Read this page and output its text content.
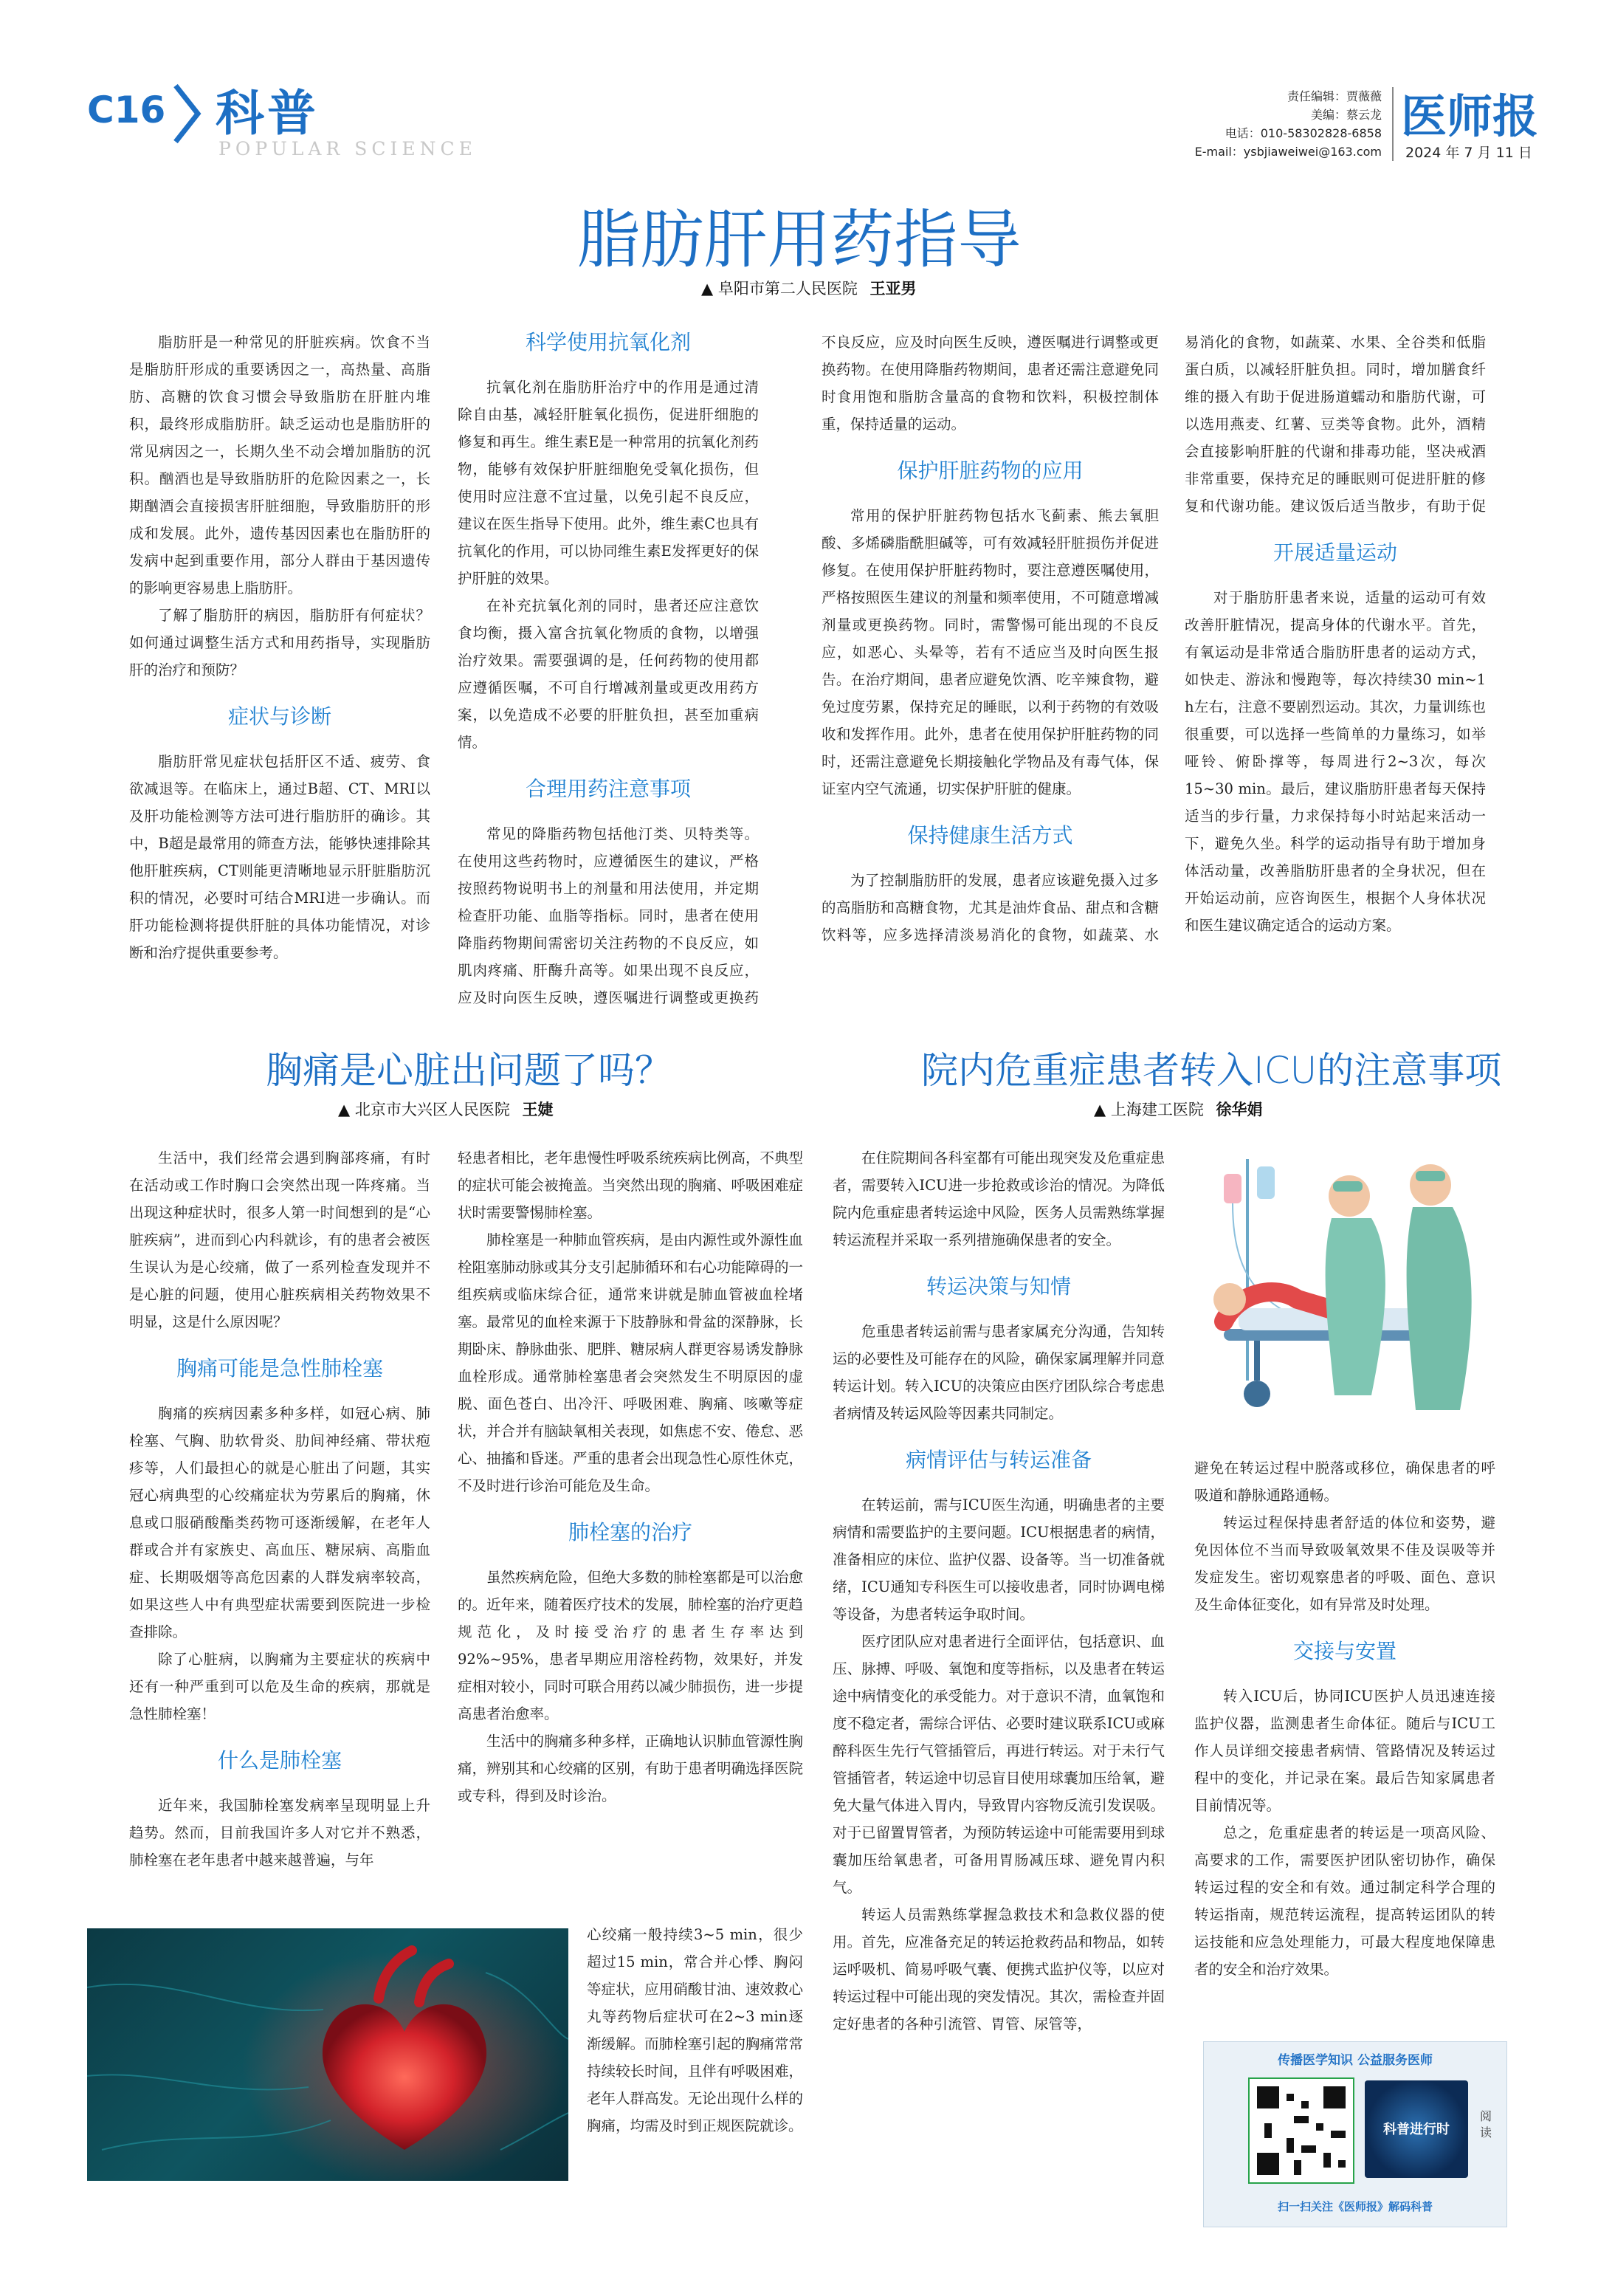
C16 科普
POPULAR SCIENCE
责任编辑：贾薇薇
美编：蔡云龙
电话：010-58302828-6858
E-mail：ysbjiaweiwei@163.com
医师报
2024 年 7 月 11 日
脂肪肝用药指导
▲ 阜阳市第二人民医院 王亚男

脂肪肝是一种常见的肝脏疾病。饮食不当是脂肪肝形成的重要诱因之一，高热量、高脂肪、高糖的饮食习惯会导致脂肪在肝脏内堆积，最终形成脂肪肝。缺乏运动也是脂肪肝的常见病因之一，长期久坐不动会增加脂肪的沉积。酗酒也是导致脂肪肝的危险因素之一，长期酗酒会直接损害肝脏细胞，导致脂肪肝的形成和发展。此外，遗传基因因素也在脂肪肝的发病中起到重要作用，部分人群由于基因遗传的影响更容易患上脂肪肝。

了解了脂肪肝的病因，脂肪肝有何症状？如何通过调整生活方式和用药指导，实现脂肪肝的治疗和预防？

症状与诊断

脂肪肝常见症状包括肝区不适、疲劳、食欲减退等。在临床上，通过B超、CT、MRI以及肝功能检测等方法可进行脂肪肝的确诊。其中，B超是最常用的筛查方法，能够快速排除其他肝脏疾病，CT则能更清晰地显示肝脏脂肪沉积的情况，必要时可结合MRI进一步确认。而肝功能检测将提供肝脏的具体功能情况，对诊断和治疗提供重要参考。

科学使用抗氧化剂

抗氧化剂在脂肪肝治疗中的作用是通过清除自由基，减轻肝脏氧化损伤，促进肝细胞的修复和再生。维生素E是一种常用的抗氧化剂药物，能够有效保护肝脏细胞免受氧化损伤，但使用时应注意不宜过量，以免引起不良反应，建议在医生指导下使用。此外，维生素C也具有抗氧化的作用，可以协同维生素E发挥更好的保护肝脏的效果。

在补充抗氧化剂的同时，患者还应注意饮食均衡，摄入富含抗氧化物质的食物，以增强治疗效果。需要强调的是，任何药物的使用都应遵循医嘱，不可自行增减剂量或更改用药方案，以免造成不必要的肝脏负担，甚至加重病情。

合理用药注意事项

常见的降脂药物包括他汀类、贝特类等。在使用这些药物时，应遵循医生的建议，严格按照药物说明书上的剂量和用法使用，并定期检查肝功能、血脂等指标。同时，患者在使用降脂药物期间需密切关注药物的不良反应，如肌肉疼痛、肝酶升高等。如果出现不良反应，应及时向医生反映，遵医嘱进行调整或更换药

不良反应，应及时向医生反映，遵医嘱进行调整或更换药物。在使用降脂药物期间，患者还需注意避免同时食用饱和脂肪含量高的食物和饮料，积极控制体重，保持适量的运动。

保护肝脏药物的应用

常用的保护肝脏药物包括水飞蓟素、熊去氧胆酸、多烯磷脂酰胆碱等，可有效减轻肝脏损伤并促进修复。在使用保护肝脏药物时，要注意遵医嘱使用，严格按照医生建议的剂量和频率使用，不可随意增减剂量或更换药物。同时，需警惕可能出现的不良反应，如恶心、头晕等，若有不适应当及时向医生报告。在治疗期间，患者应避免饮酒、吃辛辣食物，避免过度劳累，保持充足的睡眠，以利于药物的有效吸收和发挥作用。此外，患者在使用保护肝脏药物的同时，还需注意避免长期接触化学物品及有毒气体，保证室内空气流通，切实保护肝脏的健康。

保持健康生活方式

为了控制脂肪肝的发展，患者应该避免摄入过多的高脂肪和高糖食物，尤其是油炸食品、甜点和含糖饮料等，应多选择清淡易消化的食物，如蔬菜、水

易消化的食物，如蔬菜、水果、全谷类和低脂蛋白质，以减轻肝脏负担。同时，增加膳食纤维的摄入有助于促进肠道蠕动和脂肪代谢，可以选用燕麦、红薯、豆类等食物。此外，酒精会直接影响肝脏的代谢和排毒功能，坚决戒酒非常重要，保持充足的睡眠则可促进肝脏的修复和代谢功能。建议饭后适当散步，有助于促

开展适量运动

对于脂肪肝患者来说，适量的运动可有效改善肝脏情况，提高身体的代谢水平。首先，有氧运动是非常适合脂肪肝患者的运动方式，如快走、游泳和慢跑等，每次持续30 min~1 h左右，注意不要剧烈运动。其次，力量训练也很重要，可以选择一些简单的力量练习，如举哑铃、俯卧撑等，每周进行2~3次，每次15~30 min。最后，建议脂肪肝患者每天保持适当的步行量，力求保持每小时站起来活动一下，避免久坐。科学的运动指导有助于增加身体活动量，改善脂肪肝患者的全身状况，但在开始运动前，应咨询医生，根据个人身体状况和医生建议确定适合的运动方案。

胸痛是心脏出问题了吗？
▲ 北京市大兴区人民医院 王婕

生活中，我们经常会遇到胸部疼痛，有时在活动或工作时胸口会突然出现一阵疼痛。当出现这种症状时，很多人第一时间想到的是“心脏疾病”，进而到心内科就诊，有的患者会被医生误认为是心绞痛，做了一系列检查发现并不是心脏的问题，使用心脏疾病相关药物效果不明显，这是什么原因呢？

胸痛可能是急性肺栓塞

胸痛的疾病因素多种多样，如冠心病、肺栓塞、气胸、肋软骨炎、肋间神经痛、带状疱疹等，人们最担心的就是心脏出了问题，其实冠心病典型的心绞痛症状为劳累后的胸痛，休息或口服硝酸酯类药物可逐渐缓解，在老年人群或合并有家族史、高血压、糖尿病、高脂血症、长期吸烟等高危因素的人群发病率较高，如果这些人中有典型症状需要到医院进一步检查排除。

除了心脏病，以胸痛为主要症状的疾病中还有一种严重到可以危及生命的疾病，那就是急性肺栓塞！

什么是肺栓塞

近年来，我国肺栓塞发病率呈现明显上升趋势。然而，目前我国许多人对它并不熟悉，肺栓塞在老年患者中越来越普遍，与年

轻患者相比，老年患慢性呼吸系统疾病比例高，不典型的症状可能会被掩盖。当突然出现的胸痛、呼吸困难症状时需要警惕肺栓塞。

肺栓塞是一种肺血管疾病，是由内源性或外源性血栓阻塞肺动脉或其分支引起肺循环和右心功能障碍的一组疾病或临床综合征，通常来讲就是肺血管被血栓堵塞。最常见的血栓来源于下肢静脉和骨盆的深静脉，长期卧床、静脉曲张、肥胖、糖尿病人群更容易诱发静脉血栓形成。通常肺栓塞患者会突然发生不明原因的虚脱、面色苍白、出冷汗、呼吸困难、胸痛、咳嗽等症状，并合并有脑缺氧相关表现，如焦虑不安、倦怠、恶心、抽搐和昏迷。严重的患者会出现急性心原性休克，不及时进行诊治可能危及生命。

肺栓塞的治疗

虽然疾病危险，但绝大多数的肺栓塞都是可以治愈的。近年来，随着医疗技术的发展，肺栓塞的治疗更趋规范化，及时接受治疗的患者生存率达到92%~95%，患者早期应用溶栓药物，效果好，并发症相对较小，同时可联合用药以减少肺损伤，进一步提高患者治愈率。

生活中的胸痛多种多样，正确地认识肺血管源性胸痛，辨别其和心绞痛的区别，有助于患者明确选择医院或专科，得到及时诊治。

心绞痛一般持续3~5 min，很少超过15 min，常合并心悸、胸闷等症状，应用硝酸甘油、速效救心丸等药物后症状可在2~3 min逐渐缓解。而肺栓塞引起的胸痛常常持续较长时间，且伴有呼吸困难，老年人群高发。无论出现什么样的胸痛，均需及时到正规医院就诊。

院内危重症患者转入ICU的注意事项
▲ 上海建工医院 徐华娟

在住院期间各科室都有可能出现突发及危重症患者，需要转入ICU进一步抢救或诊治的情况。为降低院内危重症患者转运途中风险，医务人员需熟练掌握转运流程并采取一系列措施确保患者的安全。

转运决策与知情

危重患者转运前需与患者家属充分沟通，告知转运的必要性及可能存在的风险，确保家属理解并同意转运计划。转入ICU的决策应由医疗团队综合考虑患者病情及转运风险等因素共同制定。

病情评估与转运准备

在转运前，需与ICU医生沟通，明确患者的主要病情和需要监护的主要问题。ICU根据患者的病情，准备相应的床位、监护仪器、设备等。当一切准备就绪，ICU通知专科医生可以接收患者，同时协调电梯等设备，为患者转运争取时间。

医疗团队应对患者进行全面评估，包括意识、血压、脉搏、呼吸、氧饱和度等指标，以及患者在转运途中病情变化的承受能力。对于意识不清，血氧饱和度不稳定者，需综合评估、必要时建议联系ICU或麻醉科医生先行气管插管后，再进行转运。对于未行气管插管者，转运途中切忌盲目使用球囊加压给氧，避免大量气体进入胃内，导致胃内容物反流引发误吸。对于已留置胃管者，为预防转运途中可能需要用到球囊加压给氧患者，可备用胃肠减压球、避免胃内积气。

转运人员需熟练掌握急救技术和急救仪器的使用。首先，应准备充足的转运抢救药品和物品，如转运呼吸机、简易呼吸气囊、便携式监护仪等，以应对转运过程中可能出现的突发情况。其次，需检查并固定好患者的各种引流管、胃管、尿管等，

避免在转运过程中脱落或移位，确保患者的呼吸道和静脉通路通畅。

转运过程保持患者舒适的体位和姿势，避免因体位不当而导致吸氧效果不佳及误吸等并发症发生。密切观察患者的呼吸、面色、意识及生命体征变化，如有异常及时处理。

交接与安置

转入ICU后，协同ICU医护人员迅速连接监护仪器，监测患者生命体征。随后与ICU工作人员详细交接患者病情、管路情况及转运过程中的变化，并记录在案。最后告知家属患者目前情况等。

总之，危重症患者的转运是一项高风险、高要求的工作，需要医护团队密切协作，确保转运过程的安全和有效。通过制定科学合理的转运指南，规范转运流程，提高转运团队的转运技能和应急处理能力，可最大程度地保障患者的安全和治疗效果。

传播医学知识 公益服务医师
科普进行时
阅读
扫一扫关注《医师报》解码科普
